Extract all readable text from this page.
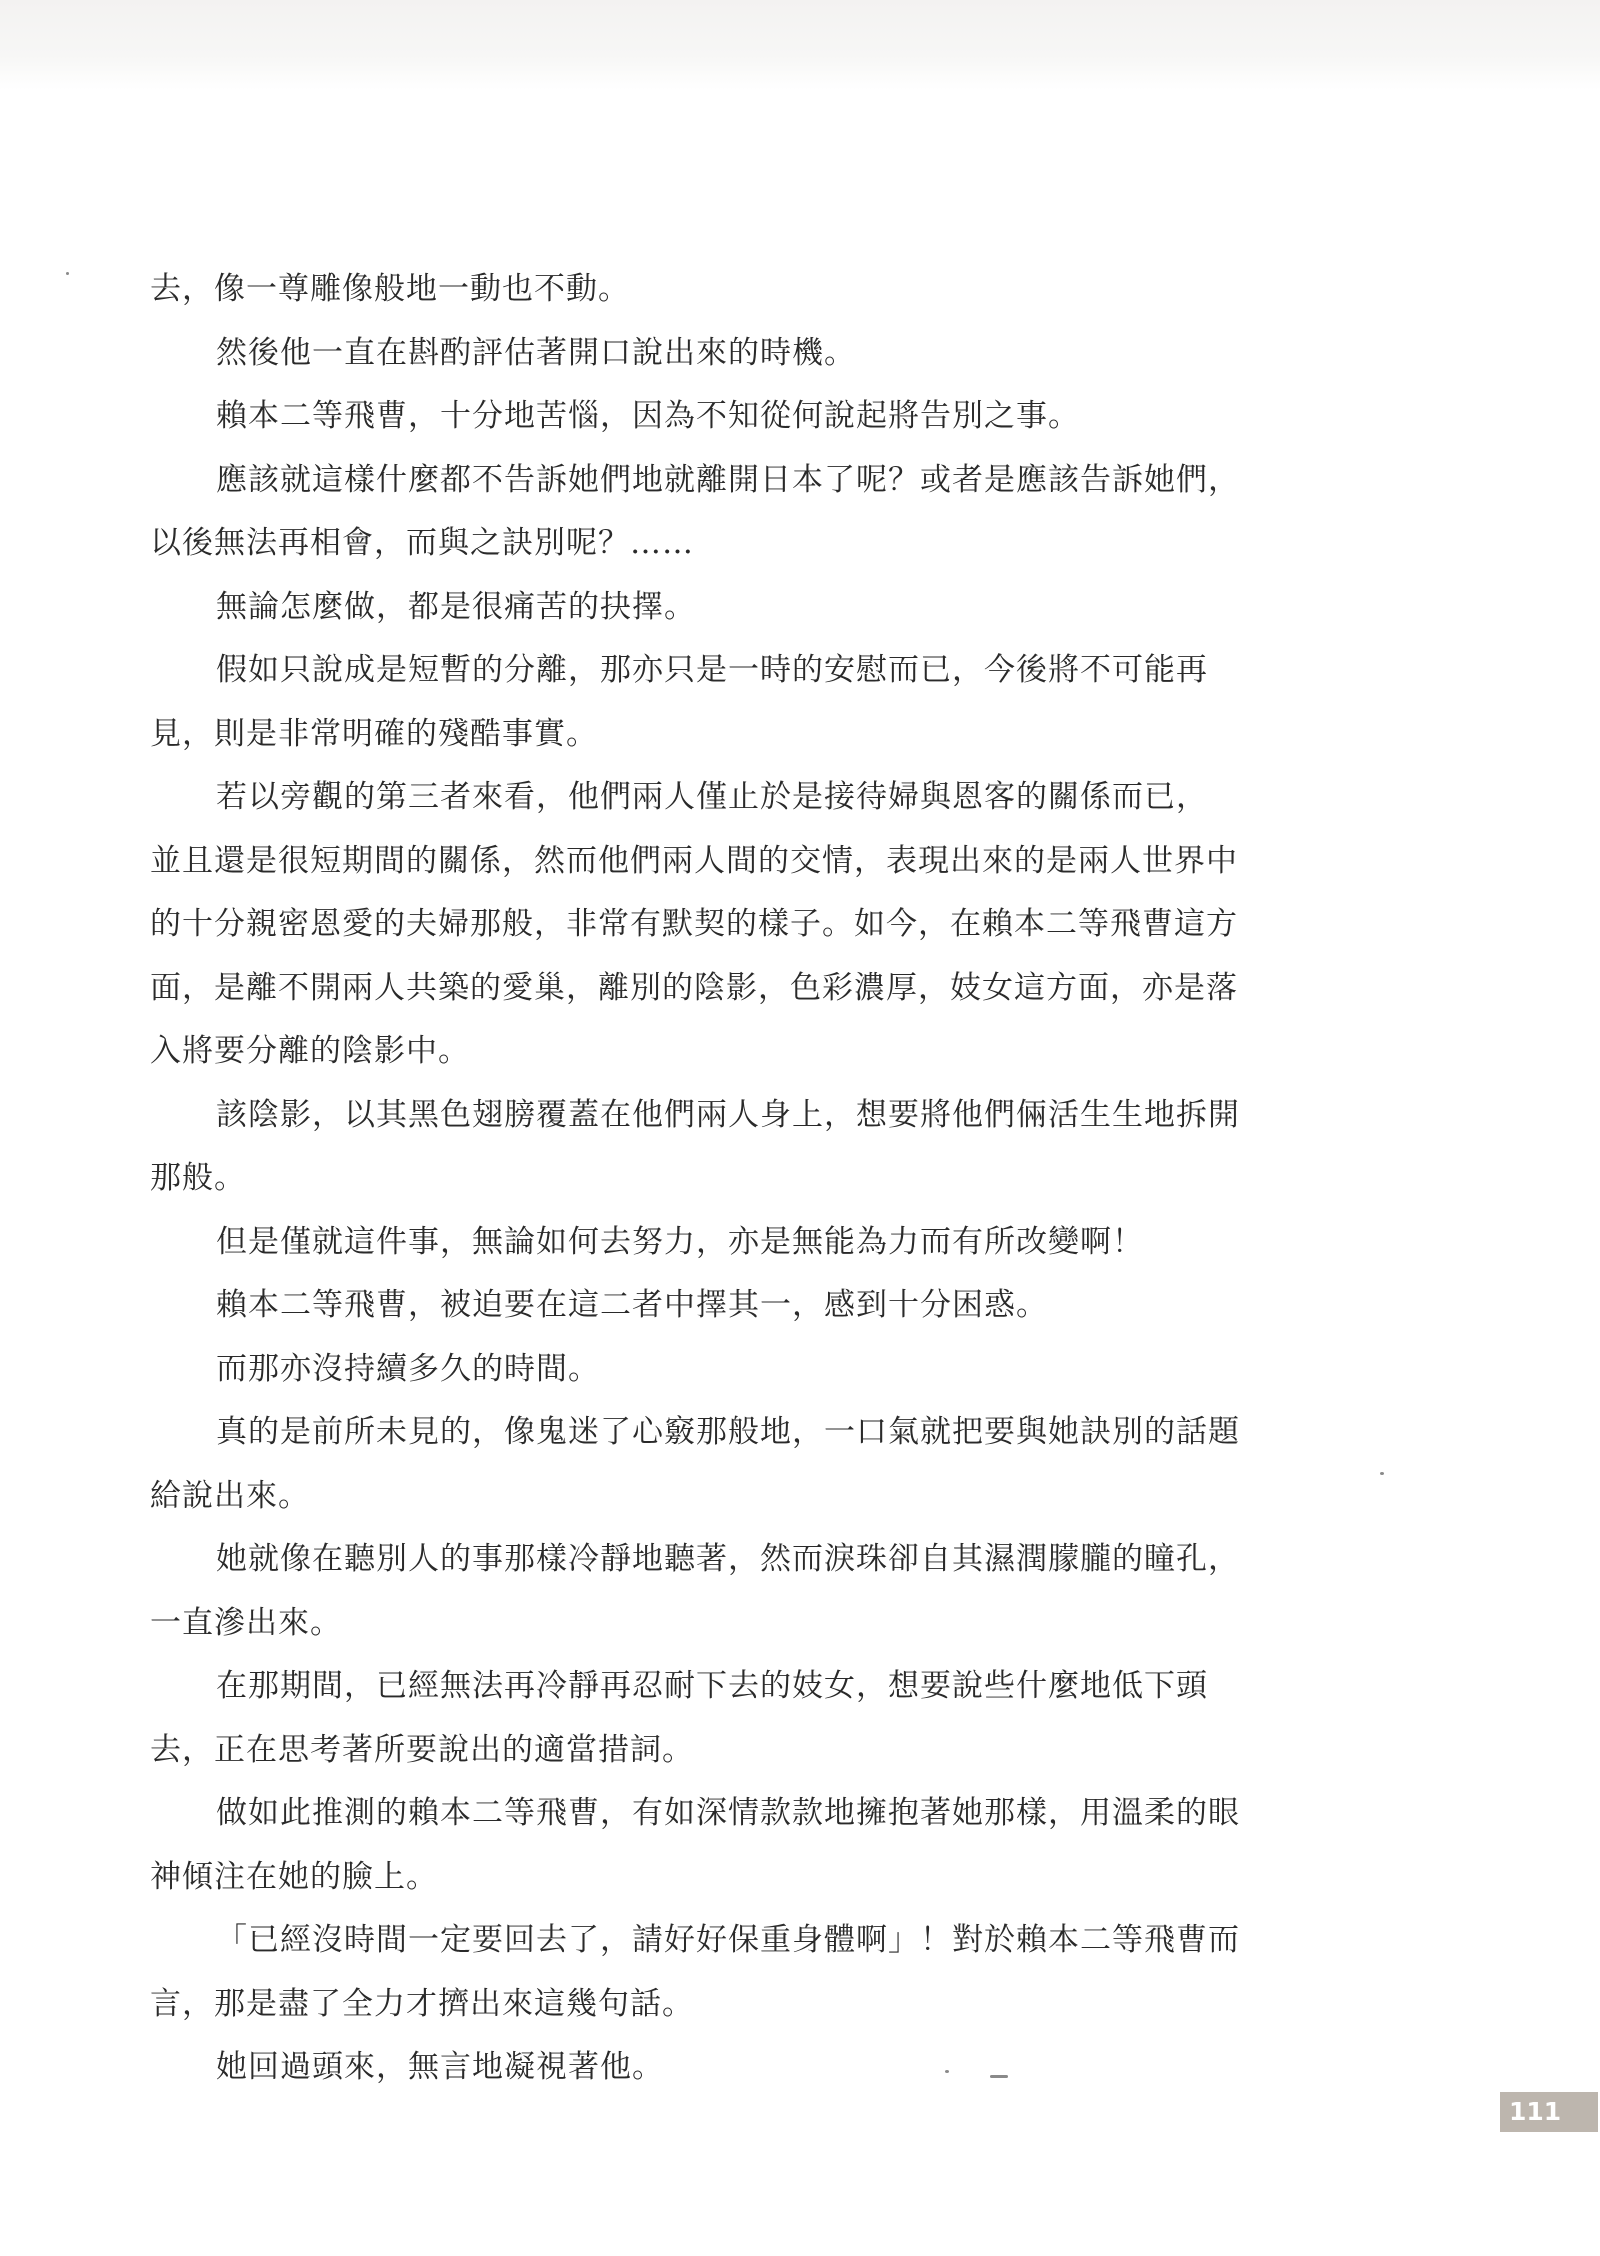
去，像一尊雕像般地一動也不動。
然後他一直在斟酌評估著開口說出來的時機。
賴本二等飛曹，十分地苦惱，因為不知從何說起將告別之事。
應該就這樣什麼都不告訴她們地就離開日本了呢？或者是應該告訴她們，
以後無法再相會，而與之訣別呢？……
無論怎麼做，都是很痛苦的抉擇。
假如只說成是短暫的分離，那亦只是一時的安慰而已，今後將不可能再
見，則是非常明確的殘酷事實。
若以旁觀的第三者來看，他們兩人僅止於是接待婦與恩客的關係而已，
並且還是很短期間的關係，然而他們兩人間的交情，表現出來的是兩人世界中
的十分親密恩愛的夫婦那般，非常有默契的樣子。如今，在賴本二等飛曹這方
面，是離不開兩人共築的愛巢，離別的陰影，色彩濃厚，妓女這方面，亦是落
入將要分離的陰影中。
該陰影，以其黑色翅膀覆蓋在他們兩人身上，想要將他們倆活生生地拆開
那般。
但是僅就這件事，無論如何去努力，亦是無能為力而有所改變啊！
賴本二等飛曹，被迫要在這二者中擇其一，感到十分困惑。
而那亦沒持續多久的時間。
真的是前所未見的，像鬼迷了心竅那般地，一口氣就把要與她訣別的話題
給說出來。
她就像在聽別人的事那樣冷靜地聽著，然而淚珠卻自其濕潤朦朧的瞳孔，
一直滲出來。
在那期間，已經無法再冷靜再忍耐下去的妓女，想要說些什麼地低下頭
去，正在思考著所要說出的適當措詞。
做如此推測的賴本二等飛曹，有如深情款款地擁抱著她那樣，用溫柔的眼
神傾注在她的臉上。
「已經沒時間一定要回去了，請好好保重身體啊」！對於賴本二等飛曹而
言，那是盡了全力才擠出來這幾句話。
她回過頭來，無言地凝視著他。
111
